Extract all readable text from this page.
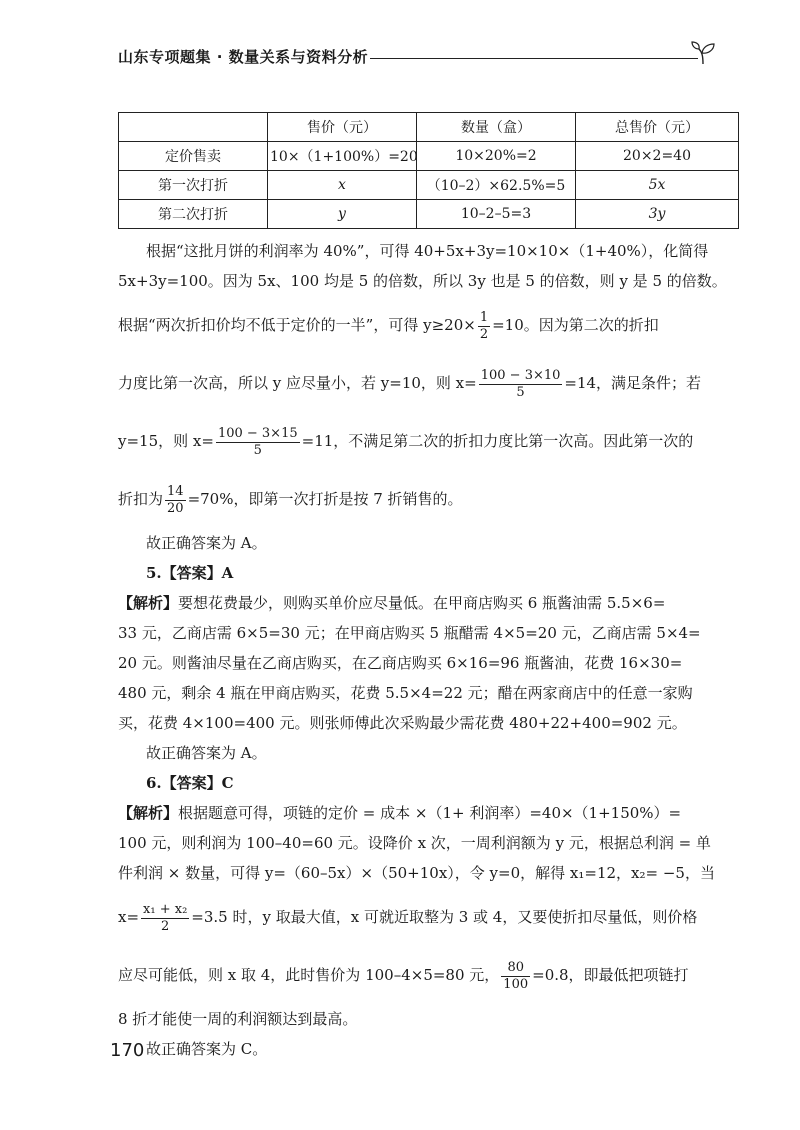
山东专项题集 · 数量关系与资料分析
	售价（元）	数量（盒）	总售价（元）
定价售卖	10×（1+100%）=20	10×20%=2	20×2=40
第一次打折	x	（10–2）×62.5%=5	5x
第二次打折	y	10–2–5=3	3y

根据“这批月饼的利润率为 40%”，可得 40+5x+3y=10×10×（1+40%），化简得

5x+3y=100。因为 5x、100 均是 5 的倍数，所以 3y 也是 5 的倍数，则 y 是 5 的倍数。

根据“两次折扣价均不低于定价的一半”，可得 $y\ge 20\times \frac{1}{2} =10$。因为第二次的折扣

力度比第一次高，所以 y 应尽量小，若 y=10，则 $x= \frac{100 - 3\times 10}{5} =14$，满足条件；若

y=15，则 $x= \frac{100 - 3\times 15}{5} =11$，不满足第二次的折扣力度比第一次高。因此第一次的

折扣为 $\frac{14}{20} =70\%$，即第一次打折是按 7 折销售的。

故正确答案为 A。

5.【答案】A

【解析】要想花费最少，则购买单价应尽量低。在甲商店购买 6 瓶酱油需 5.5×6=

33 元，乙商店需 6×5=30 元；在甲商店购买 5 瓶醋需 4×5=20 元，乙商店需 5×4=

20 元。则酱油尽量在乙商店购买，在乙商店购买 6×16=96 瓶酱油，花费 16×30=

480 元，剩余 4 瓶在甲商店购买，花费 5.5×4=22 元；醋在两家商店中的任意一家购

买，花费 4×100=400 元。则张师傅此次采购最少需花费 480+22+400=902 元。

故正确答案为 A。

6.【答案】C

【解析】根据题意可得，项链的定价 = 成本 ×（1+ 利润率）=40×（1+150%）=

100 元，则利润为 100–40=60 元。设降价 x 次，一周利润额为 y 元，根据总利润 = 单

件利润 × 数量，可得 y=（60–5x）×（50+10x），令 y=0，解得 x₁=12，x₂= −5，当

$x= \frac{\text{x₁ + x₂}}{2} =3.5$ 时，y 取最大值，x 可就近取整为 3 或 4，又要使折扣尽量低，则价格

应尽可能低，则 x 取 4，此时售价为 100–4×5=80 元， $\frac{80}{100} =0.8$，即最低把项链打

8 折才能使一周的利润额达到最高。

故正确答案为 C。

170
